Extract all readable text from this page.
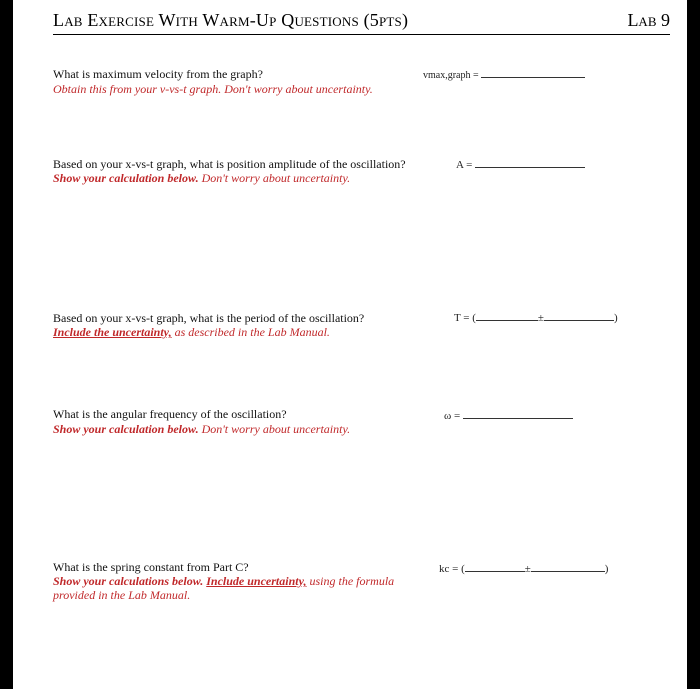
Lab Exercise With Warm-Up Questions (5pts)	Lab 9
What is maximum velocity from the graph?
Obtain this from your v-vs-t graph. Don't worry about uncertainty.
vmax,graph =
Based on your x-vs-t graph, what is position amplitude of the oscillation?
Show your calculation below. Don't worry about uncertainty.
A =
Based on your x-vs-t graph, what is the period of the oscillation?
Include the uncertainty, as described in the Lab Manual.
T = (	±	)
What is the angular frequency of the oscillation?
Show your calculation below. Don't worry about uncertainty.
ω =
What is the spring constant from Part C?
Show your calculations below. Include uncertainty, using the formula
provided in the Lab Manual.
kc = (	±	)
